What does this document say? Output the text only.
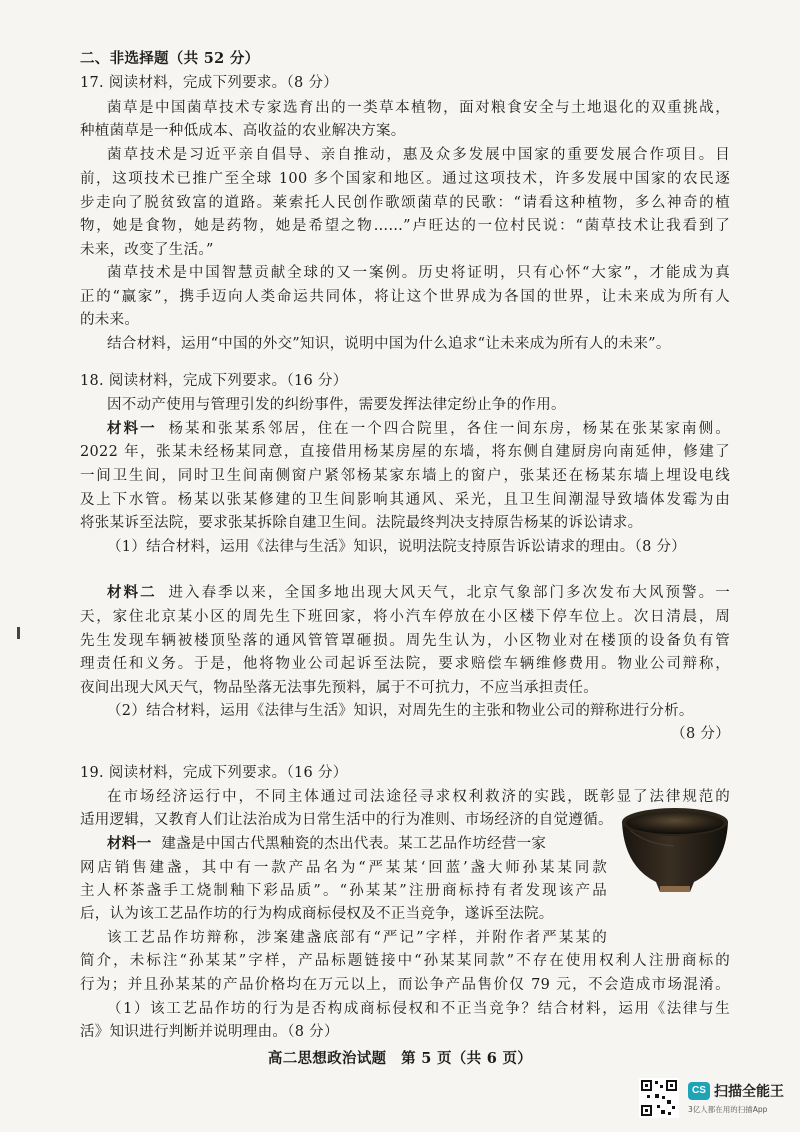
二、非选择题（共 52 分）
17. 阅读材料，完成下列要求。（8 分）
菌草是中国菌草技术专家选育出的一类草本植物，面对粮食安全与土地退化的双重挑战，
种植菌草是一种低成本、高收益的农业解决方案。
菌草技术是习近平亲自倡导、亲自推动，惠及众多发展中国家的重要发展合作项目。目
前，这项技术已推广至全球 100 多个国家和地区。通过这项技术，许多发展中国家的农民逐
步走向了脱贫致富的道路。莱索托人民创作歌颂菌草的民歌：“请看这种植物，多么神奇的植
物，她是食物，她是药物，她是希望之物……”卢旺达的一位村民说：“菌草技术让我看到了
未来，改变了生活。”
菌草技术是中国智慧贡献全球的又一案例。历史将证明，只有心怀“大家”，才能成为真
正的“赢家”，携手迈向人类命运共同体，将让这个世界成为各国的世界，让未来成为所有人
的未来。
结合材料，运用“中国的外交”知识，说明中国为什么追求“让未来成为所有人的未来”。
18. 阅读材料，完成下列要求。（16 分）
因不动产使用与管理引发的纠纷事件，需要发挥法律定纷止争的作用。
材料一 杨某和张某系邻居，住在一个四合院里，各住一间东房，杨某在张某家南侧。
2022 年，张某未经杨某同意，直接借用杨某房屋的东墙，将东侧自建厨房向南延伸，修建了
一间卫生间，同时卫生间南侧窗户紧邻杨某家东墙上的窗户，张某还在杨某东墙上埋设电线
及上下水管。杨某以张某修建的卫生间影响其通风、采光，且卫生间潮湿导致墙体发霉为由
将张某诉至法院，要求张某拆除自建卫生间。法院最终判决支持原告杨某的诉讼请求。
（1）结合材料，运用《法律与生活》知识，说明法院支持原告诉讼请求的理由。（8 分）
材料二 进入春季以来，全国多地出现大风天气，北京气象部门多次发布大风预警。一
天，家住北京某小区的周先生下班回家，将小汽车停放在小区楼下停车位上。次日清晨，周
先生发现车辆被楼顶坠落的通风管管罩砸损。周先生认为，小区物业对在楼顶的设备负有管
理责任和义务。于是，他将物业公司起诉至法院，要求赔偿车辆维修费用。物业公司辩称，
夜间出现大风天气，物品坠落无法事先预料，属于不可抗力，不应当承担责任。
（2）结合材料，运用《法律与生活》知识，对周先生的主张和物业公司的辩称进行分析。
（8 分）
19. 阅读材料，完成下列要求。（16 分）
在市场经济运行中，不同主体通过司法途径寻求权利救济的实践，既彰显了法律规范的
适用逻辑，又教育人们让法治成为日常生活中的行为准则、市场经济的自觉遵循。
材料一 建盏是中国古代黑釉瓷的杰出代表。某工艺品作坊经营一家
网店销售建盏，其中有一款产品名为“严某某‘回蓝’盏大师孙某某同款
主人杯茶盏手工烧制釉下彩品质”。“孙某某”注册商标持有者发现该产品
后，认为该工艺品作坊的行为构成商标侵权及不正当竞争，遂诉至法院。
该工艺品作坊辩称，涉案建盏底部有“严记”字样，并附作者严某某的
简介，未标注“孙某某”字样，产品标题链接中“孙某某同款”不存在使用权利人注册商标的
行为；并且孙某某的产品价格均在万元以上，而讼争产品售价仅 79 元，不会造成市场混淆。
（1）该工艺品作坊的行为是否构成商标侵权和不正当竞争？结合材料，运用《法律与生
活》知识进行判断并说明理由。（8 分）
高二思想政治试题　第 5 页（共 6 页）
CS 扫描全能王
3亿人都在用的扫描App
